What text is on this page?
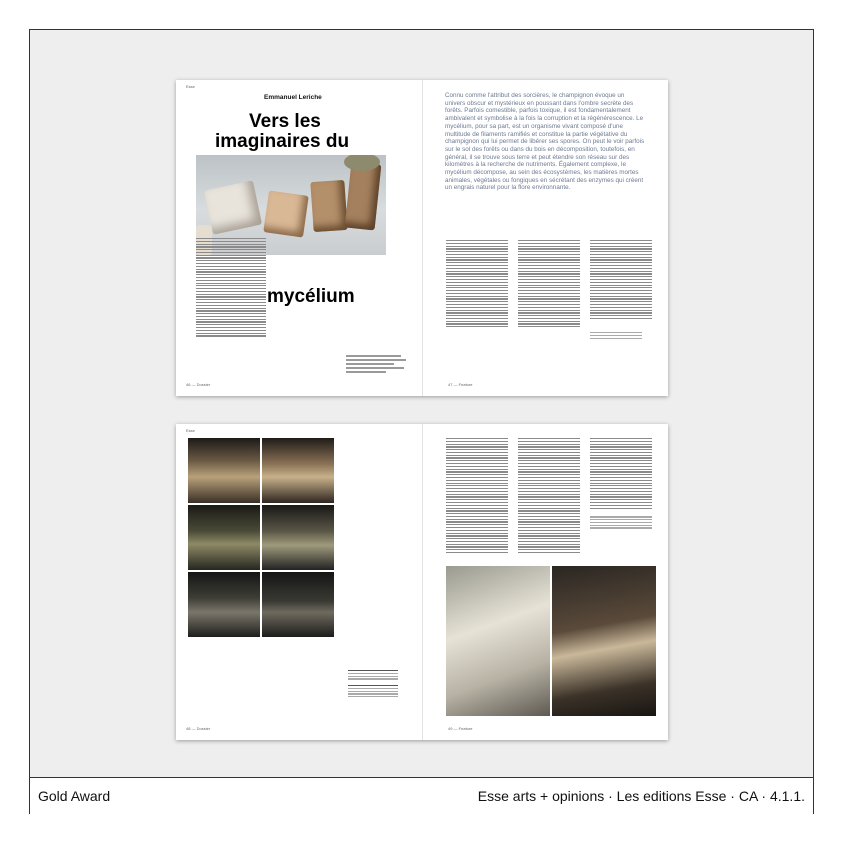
Esse
Emmanuel Leriche
Vers les
imaginaires du
mycélium
Connu comme l'attribut des sorcières, le champignon évoque un univers obscur et mystérieux en poussant dans l'ombre secrète des forêts. Parfois comestible, parfois toxique, il est fondamentalement ambivalent et symbolise à la fois la corruption et la régénérescence. Le mycélium, pour sa part, est un organisme vivant composé d'une multitude de filaments ramifiés et constitue la partie végétative du champignon qui lui permet de libérer ses spores. On peut le voir parfois sur le sol des forêts ou dans du bois en décomposition, toutefois, en général, il se trouve sous terre et peut étendre son réseau sur des kilomètres à la recherche de nutriments. Également complexe, le mycélium décompose, au sein des écosystèmes, les matières mortes animales, végétales ou fongiques en sécrétant des enzymes qui créent un engrais naturel pour la flore environnante.
46 — Dossier	47 — Feature
Esse
48 — Dossier	49 — Feature
Gold Award	Esse arts + opinions · Les editions Esse · CA · 4.1.1.
